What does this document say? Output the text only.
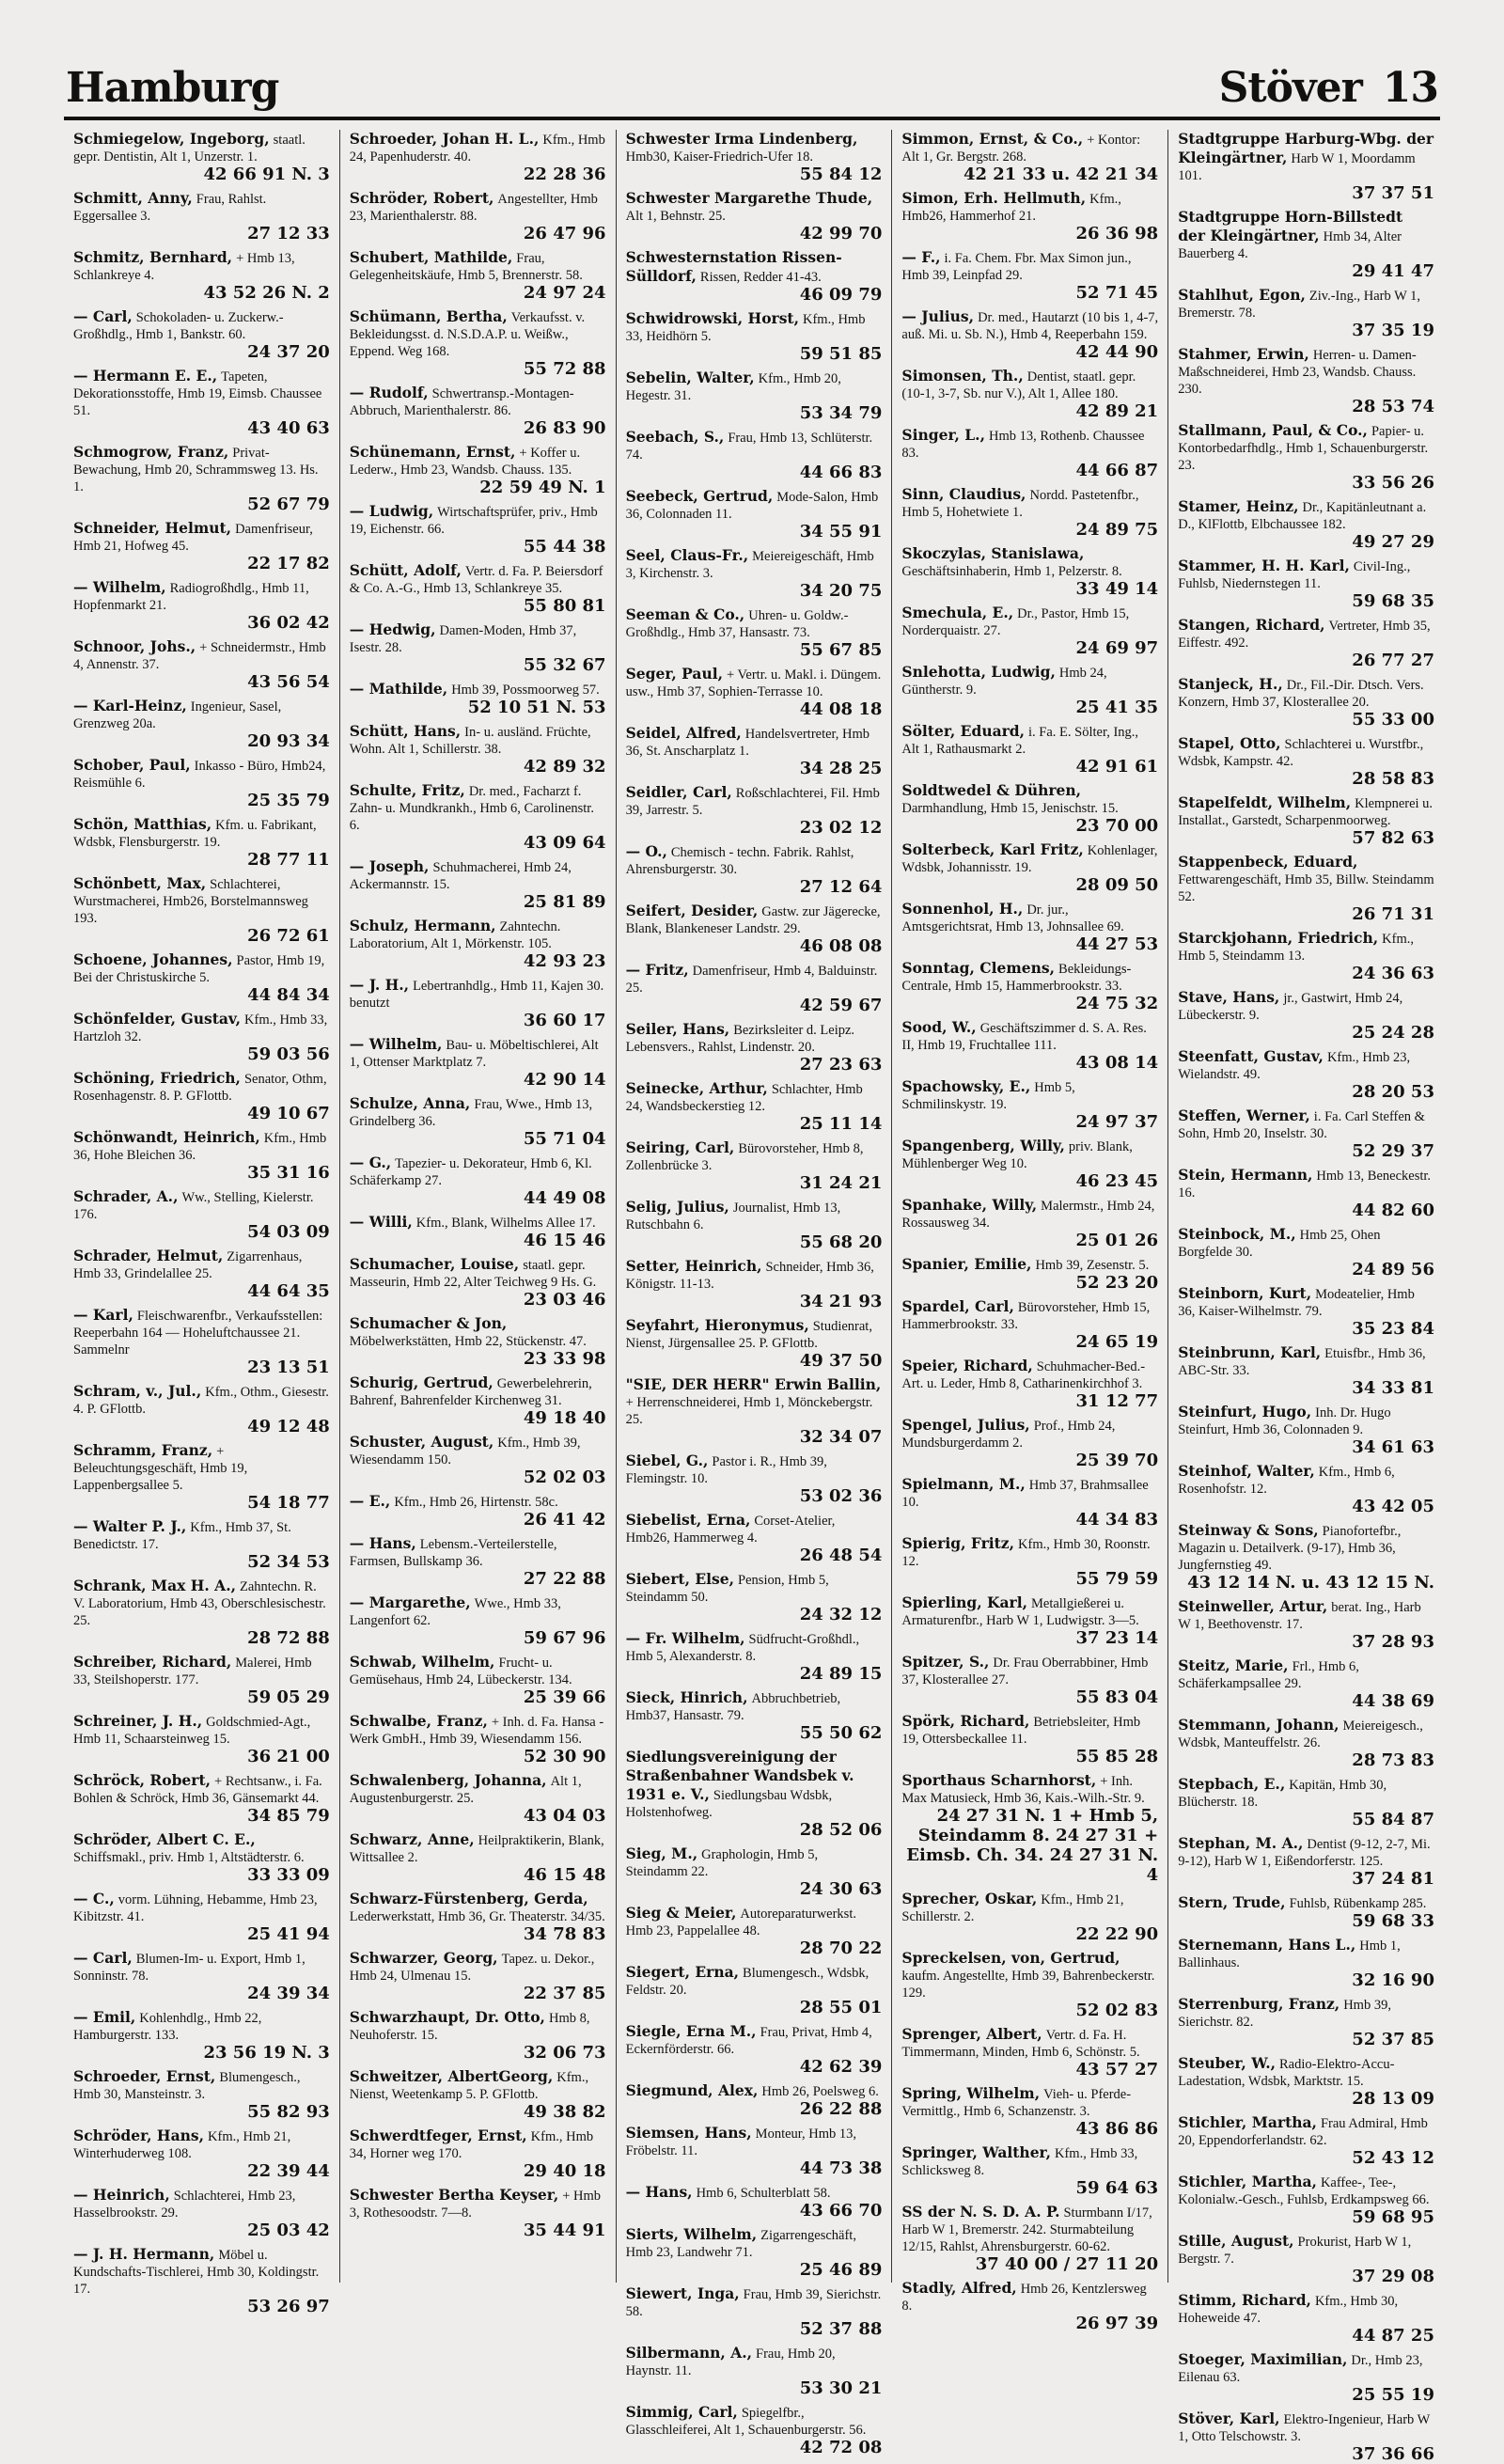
Hamburg	Stöver 13
Schmiegelow, Ingeborg, staatl. gepr. Dentistin, Alt 1, Unzerstr. 1.
42 66 91 N. 3
Schmitt, Anny, Frau, Rahlst. Eggersallee 3.
27 12 33
Schmitz, Bernhard, + Hmb 13, Schlankreye 4.
43 52 26 N. 2
— Carl, Schokoladen- u. Zuckerw.-Großhdlg., Hmb 1, Bankstr. 60.
24 37 20
— Hermann E. E., Tapeten, Dekorationsstoffe, Hmb 19, Eimsb. Chaussee 51.
43 40 63
Schmogrow, Franz, Privat-Bewachung, Hmb 20, Schrammsweg 13. Hs. 1.
52 67 79
Schneider, Helmut, Damenfriseur, Hmb 21, Hofweg 45.
22 17 82
— Wilhelm, Radiogroßhdlg., Hmb 11, Hopfenmarkt 21.
36 02 42
Schnoor, Johs., + Schneidermstr., Hmb 4, Annenstr. 37.
43 56 54
— Karl-Heinz, Ingenieur, Sasel, Grenzweg 20a.
20 93 34
Schober, Paul, Inkasso - Büro, Hmb24, Reismühle 6.
25 35 79
Schön, Matthias, Kfm. u. Fabrikant, Wdsbk, Flensburgerstr. 19.
28 77 11
Schönbett, Max, Schlachterei, Wurstmacherei, Hmb26, Borstelmannsweg 193.
26 72 61
Schoene, Johannes, Pastor, Hmb 19, Bei der Christuskirche 5.
44 84 34
Schönfelder, Gustav, Kfm., Hmb 33, Hartzloh 32.
59 03 56
Schöning, Friedrich, Senator, Othm, Rosenhagenstr. 8. P. GFlottb.
49 10 67
Schönwandt, Heinrich, Kfm., Hmb 36, Hohe Bleichen 36.
35 31 16
Schrader, A., Ww., Stelling, Kielerstr. 176.
54 03 09
Schrader, Helmut, Zigarrenhaus, Hmb 33, Grindelallee 25.
44 64 35
— Karl, Fleischwarenfbr., Verkaufsstellen: Reeperbahn 164 — Hoheluftchaussee 21. Sammelnr
23 13 51
Schram, v., Jul., Kfm., Othm., Giesestr. 4. P. GFlottb.
49 12 48
Schramm, Franz, + Beleuchtungsgeschäft, Hmb 19, Lappenbergsallee 5.
54 18 77
— Walter P. J., Kfm., Hmb 37, St. Benedictstr. 17.
52 34 53
Schrank, Max H. A., Zahntechn. R. V. Laboratorium, Hmb 43, Oberschlesischestr. 25.
28 72 88
Schreiber, Richard, Malerei, Hmb 33, Steilshoperstr. 177.
59 05 29
Schreiner, J. H., Goldschmied-Agt., Hmb 11, Schaarsteinweg 15.
36 21 00
Schröck, Robert, + Rechtsanw., i. Fa. Bohlen & Schröck, Hmb 36, Gänsemarkt 44.
34 85 79
Schröder, Albert C. E., Schiffsmakl., priv. Hmb 1, Altstädterstr. 6.
33 33 09
— C., vorm. Lühning, Hebamme, Hmb 23, Kibitzstr. 41.
25 41 94
— Carl, Blumen-Im- u. Export, Hmb 1, Sonninstr. 78.
24 39 34
— Emil, Kohlenhdlg., Hmb 22, Hamburgerstr. 133.
23 56 19 N. 3
Schroeder, Ernst, Blumengesch., Hmb 30, Mansteinstr. 3.
55 82 93
Schröder, Hans, Kfm., Hmb 21, Winterhuderweg 108.
22 39 44
— Heinrich, Schlachterei, Hmb 23, Hasselbrookstr. 29.
25 03 42
— J. H. Hermann, Möbel u. Kundschafts-Tischlerei, Hmb 30, Koldingstr. 17.
53 26 97
Schroeder, Johan H. L., Kfm., Hmb 24, Papenhuderstr. 40.
22 28 36
Schröder, Robert, Angestellter, Hmb 23, Marienthalerstr. 88.
26 47 96
Schubert, Mathilde, Frau, Gelegenheitskäufe, Hmb 5, Brennerstr. 58.
24 97 24
Schümann, Bertha, Verkaufsst. v. Bekleidungsst. d. N.S.D.A.P. u. Weißw., Eppend. Weg 168.
55 72 88
— Rudolf, Schwertransp.-Montagen-Abbruch, Marienthalerstr. 86.
26 83 90
Schünemann, Ernst, + Koffer u. Lederw., Hmb 23, Wandsb. Chauss. 135.
22 59 49 N. 1
— Ludwig, Wirtschaftsprüfer, priv., Hmb 19, Eichenstr. 66.
55 44 38
Schütt, Adolf, Vertr. d. Fa. P. Beiersdorf & Co. A.-G., Hmb 13, Schlankreye 35.
55 80 81
— Hedwig, Damen-Moden, Hmb 37, Isestr. 28.
55 32 67
— Mathilde, Hmb 39, Possmoorweg 57.
52 10 51 N. 53
Schütt, Hans, In- u. ausländ. Früchte, Wohn. Alt 1, Schillerstr. 38.
42 89 32
Schulte, Fritz, Dr. med., Facharzt f. Zahn- u. Mundkrankh., Hmb 6, Carolinenstr. 6.
43 09 64
— Joseph, Schuhmacherei, Hmb 24, Ackermannstr. 15.
25 81 89
Schulz, Hermann, Zahntechn. Laboratorium, Alt 1, Mörkenstr. 105.
42 93 23
— J. H., Lebertranhdlg., Hmb 11, Kajen 30. benutzt
36 60 17
— Wilhelm, Bau- u. Möbeltischlerei, Alt 1, Ottenser Marktplatz 7.
42 90 14
Schulze, Anna, Frau, Wwe., Hmb 13, Grindelberg 36.
55 71 04
— G., Tapezier- u. Dekorateur, Hmb 6, Kl. Schäferkamp 27.
44 49 08
— Willi, Kfm., Blank, Wilhelms Allee 17.
46 15 46
Schumacher, Louise, staatl. gepr. Masseurin, Hmb 22, Alter Teichweg 9 Hs. G.
23 03 46
Schumacher & Jon, Möbelwerkstätten, Hmb 22, Stückenstr. 47.
23 33 98
Schurig, Gertrud, Gewerbelehrerin, Bahrenf, Bahrenfelder Kirchenweg 31.
49 18 40
Schuster, August, Kfm., Hmb 39, Wiesendamm 150.
52 02 03
— E., Kfm., Hmb 26, Hirtenstr. 58c.
26 41 42
— Hans, Lebensm.-Verteilerstelle, Farmsen, Bullskamp 36.
27 22 88
— Margarethe, Wwe., Hmb 33, Langenfort 62.
59 67 96
Schwab, Wilhelm, Frucht- u. Gemüsehaus, Hmb 24, Lübeckerstr. 134.
25 39 66
Schwalbe, Franz, + Inh. d. Fa. Hansa - Werk GmbH., Hmb 39, Wiesendamm 156.
52 30 90
Schwalenberg, Johanna, Alt 1, Augustenburgerstr. 25.
43 04 03
Schwarz, Anne, Heilpraktikerin, Blank, Wittsallee 2.
46 15 48
Schwarz-Fürstenberg, Gerda, Lederwerkstatt, Hmb 36, Gr. Theaterstr. 34/35.
34 78 83
Schwarzer, Georg, Tapez. u. Dekor., Hmb 24, Ulmenau 15.
22 37 85
Schwarzhaupt, Dr. Otto, Hmb 8, Neuhoferstr. 15.
32 06 73
Schweitzer, AlbertGeorg, Kfm., Nienst, Weetenkamp 5. P. GFlottb.
49 38 82
Schwerdtfeger, Ernst, Kfm., Hmb 34, Horner weg 170.
29 40 18
Schwester Bertha Keyser, + Hmb 3, Rothesoodstr. 7—8.
35 44 91
Schwester Irma Lindenberg, Hmb30, Kaiser-Friedrich-Ufer 18.
55 84 12
Schwester Margarethe Thude, Alt 1, Behnstr. 25.
42 99 70
Schwesternstation Rissen-Sülldorf, Rissen, Redder 41-43.
46 09 79
Schwidrowski, Horst, Kfm., Hmb 33, Heidhörn 5.
59 51 85
Sebelin, Walter, Kfm., Hmb 20, Hegestr. 31.
53 34 79
Seebach, S., Frau, Hmb 13, Schlüterstr. 74.
44 66 83
Seebeck, Gertrud, Mode-Salon, Hmb 36, Colonnaden 11.
34 55 91
Seel, Claus-Fr., Meiereigeschäft, Hmb 3, Kirchenstr. 3.
34 20 75
Seeman & Co., Uhren- u. Goldw.-Großhdlg., Hmb 37, Hansastr. 73.
55 67 85
Seger, Paul, + Vertr. u. Makl. i. Düngem. usw., Hmb 37, Sophien-Terrasse 10.
44 08 18
Seidel, Alfred, Handelsvertreter, Hmb 36, St. Anscharplatz 1.
34 28 25
Seidler, Carl, Roßschlachterei, Fil. Hmb 39, Jarrestr. 5.
23 02 12
— O., Chemisch - techn. Fabrik. Rahlst, Ahrensburgerstr. 30.
27 12 64
Seifert, Desider, Gastw. zur Jägerecke, Blank, Blankeneser Landstr. 29.
46 08 08
— Fritz, Damenfriseur, Hmb 4, Balduinstr. 25.
42 59 67
Seiler, Hans, Bezirksleiter d. Leipz. Lebensvers., Rahlst, Lindenstr. 20.
27 23 63
Seinecke, Arthur, Schlachter, Hmb 24, Wandsbeckerstieg 12.
25 11 14
Seiring, Carl, Bürovorsteher, Hmb 8, Zollenbrücke 3.
31 24 21
Selig, Julius, Journalist, Hmb 13, Rutschbahn 6.
55 68 20
Setter, Heinrich, Schneider, Hmb 36, Königstr. 11-13.
34 21 93
Seyfahrt, Hieronymus, Studienrat, Nienst, Jürgensallee 25. P. GFlottb.
49 37 50
"SIE, DER HERR" Erwin Ballin, + Herrenschneiderei, Hmb 1, Mönckebergstr. 25.
32 34 07
Siebel, G., Pastor i. R., Hmb 39, Flemingstr. 10.
53 02 36
Siebelist, Erna, Corset-Atelier, Hmb26, Hammerweg 4.
26 48 54
Siebert, Else, Pension, Hmb 5, Steindamm 50.
24 32 12
— Fr. Wilhelm, Südfrucht-Großhdl., Hmb 5, Alexanderstr. 8.
24 89 15
Sieck, Hinrich, Abbruchbetrieb, Hmb37, Hansastr. 79.
55 50 62
Siedlungsvereinigung der Straßenbahner Wandsbek v. 1931 e. V., Siedlungsbau Wdsbk, Holstenhofweg.
28 52 06
Sieg, M., Graphologin, Hmb 5, Steindamm 22.
24 30 63
Sieg & Meier, Autoreparaturwerkst. Hmb 23, Pappelallee 48.
28 70 22
Siegert, Erna, Blumengesch., Wdsbk, Feldstr. 20.
28 55 01
Siegle, Erna M., Frau, Privat, Hmb 4, Eckernförderstr. 66.
42 62 39
Siegmund, Alex, Hmb 26, Poelsweg 6.
26 22 88
Siemsen, Hans, Monteur, Hmb 13, Fröbelstr. 11.
44 73 38
— Hans, Hmb 6, Schulterblatt 58.
43 66 70
Sierts, Wilhelm, Zigarrengeschäft, Hmb 23, Landwehr 71.
25 46 89
Siewert, Inga, Frau, Hmb 39, Sierichstr. 58.
52 37 88
Silbermann, A., Frau, Hmb 20, Haynstr. 11.
53 30 21
Simmig, Carl, Spiegelfbr., Glasschleiferei, Alt 1, Schauenburgerstr. 56.
42 72 08
Simmon, Ernst, & Co., + Kontor: Alt 1, Gr. Bergstr. 268.
42 21 33 u. 42 21 34
Simon, Erh. Hellmuth, Kfm., Hmb26, Hammerhof 21.
26 36 98
— F., i. Fa. Chem. Fbr. Max Simon jun., Hmb 39, Leinpfad 29.
52 71 45
— Julius, Dr. med., Hautarzt (10 bis 1, 4-7, auß. Mi. u. Sb. N.), Hmb 4, Reeperbahn 159.
42 44 90
Simonsen, Th., Dentist, staatl. gepr. (10-1, 3-7, Sb. nur V.), Alt 1, Allee 180.
42 89 21
Singer, L., Hmb 13, Rothenb. Chaussee 83.
44 66 87
Sinn, Claudius, Nordd. Pastetenfbr., Hmb 5, Hohetwiete 1.
24 89 75
Skoczylas, Stanislawa, Geschäftsinhaberin, Hmb 1, Pelzerstr. 8.
33 49 14
Smechula, E., Dr., Pastor, Hmb 15, Norderquaistr. 27.
24 69 97
Snlehotta, Ludwig, Hmb 24, Güntherstr. 9.
25 41 35
Sölter, Eduard, i. Fa. E. Sölter, Ing., Alt 1, Rathausmarkt 2.
42 91 61
Soldtwedel & Dühren, Darmhandlung, Hmb 15, Jenischstr. 15.
23 70 00
Solterbeck, Karl Fritz, Kohlenlager, Wdsbk, Johannisstr. 19.
28 09 50
Sonnenhol, H., Dr. jur., Amtsgerichtsrat, Hmb 13, Johnsallee 69.
44 27 53
Sonntag, Clemens, Bekleidungs-Centrale, Hmb 15, Hammerbrookstr. 33.
24 75 32
Sood, W., Geschäftszimmer d. S. A. Res. II, Hmb 19, Fruchtallee 111.
43 08 14
Spachowsky, E., Hmb 5, Schmilinskystr. 19.
24 97 37
Spangenberg, Willy, priv. Blank, Mühlenberger Weg 10.
46 23 45
Spanhake, Willy, Malermstr., Hmb 24, Rossausweg 34.
25 01 26
Spanier, Emilie, Hmb 39, Zesenstr. 5.
52 23 20
Spardel, Carl, Bürovorsteher, Hmb 15, Hammerbrookstr. 33.
24 65 19
Speier, Richard, Schuhmacher-Bed.-Art. u. Leder, Hmb 8, Catharinenkirchhof 3.
31 12 77
Spengel, Julius, Prof., Hmb 24, Mundsburgerdamm 2.
25 39 70
Spielmann, M., Hmb 37, Brahmsallee 10.
44 34 83
Spierig, Fritz, Kfm., Hmb 30, Roonstr. 12.
55 79 59
Spierling, Karl, Metallgießerei u. Armaturenfbr., Harb W 1, Ludwigstr. 3—5.
37 23 14
Spitzer, S., Dr. Frau Oberrabbiner, Hmb 37, Klosterallee 27.
55 83 04
Spörk, Richard, Betriebsleiter, Hmb 19, Ottersbeckallee 11.
55 85 28
Sporthaus Scharnhorst, + Inh. Max Matusieck, Hmb 36, Kais.-Wilh.-Str. 9.
24 27 31 N. 1 + Hmb 5, Steindamm 8. 24 27 31 + Eimsb. Ch. 34. 24 27 31 N. 4
Sprecher, Oskar, Kfm., Hmb 21, Schillerstr. 2.
22 22 90
Spreckelsen, von, Gertrud, kaufm. Angestellte, Hmb 39, Bahrenbeckerstr. 129.
52 02 83
Sprenger, Albert, Vertr. d. Fa. H. Timmermann, Minden, Hmb 6, Schönstr. 5.
43 57 27
Spring, Wilhelm, Vieh- u. Pferde-Vermittlg., Hmb 6, Schanzenstr. 3.
43 86 86
Springer, Walther, Kfm., Hmb 33, Schlicksweg 8.
59 64 63
SS der N. S. D. A. P. Sturmbann I/17, Harb W 1, Bremerstr. 242. Sturmabteilung 12/15, Rahlst, Ahrensburgerstr. 60-62.
37 40 00 / 27 11 20
Stadly, Alfred, Hmb 26, Kentzlersweg 8.
26 97 39
Stadtgruppe Harburg-Wbg. der Kleingärtner, Harb W 1, Moordamm 101.
37 37 51
Stadtgruppe Horn-Billstedt der Kleingärtner, Hmb 34, Alter Bauerberg 4.
29 41 47
Stahlhut, Egon, Ziv.-Ing., Harb W 1, Bremerstr. 78.
37 35 19
Stahmer, Erwin, Herren- u. Damen-Maßschneiderei, Hmb 23, Wandsb. Chauss. 230.
28 53 74
Stallmann, Paul, & Co., Papier- u. Kontorbedarfhdlg., Hmb 1, Schauenburgerstr. 23.
33 56 26
Stamer, Heinz, Dr., Kapitänleutnant a. D., KlFlottb, Elbchaussee 182.
49 27 29
Stammer, H. H. Karl, Civil-Ing., Fuhlsb, Niedernstegen 11.
59 68 35
Stangen, Richard, Vertreter, Hmb 35, Eiffestr. 492.
26 77 27
Stanjeck, H., Dr., Fil.-Dir. Dtsch. Vers. Konzern, Hmb 37, Klosterallee 20.
55 33 00
Stapel, Otto, Schlachterei u. Wurstfbr., Wdsbk, Kampstr. 42.
28 58 83
Stapelfeldt, Wilhelm, Klempnerei u. Installat., Garstedt, Scharpenmoorweg.
57 82 63
Stappenbeck, Eduard, Fettwarengeschäft, Hmb 35, Billw. Steindamm 52.
26 71 31
Starckjohann, Friedrich, Kfm., Hmb 5, Steindamm 13.
24 36 63
Stave, Hans, jr., Gastwirt, Hmb 24, Lübeckerstr. 9.
25 24 28
Steenfatt, Gustav, Kfm., Hmb 23, Wielandstr. 49.
28 20 53
Steffen, Werner, i. Fa. Carl Steffen & Sohn, Hmb 20, Inselstr. 30.
52 29 37
Stein, Hermann, Hmb 13, Beneckestr. 16.
44 82 60
Steinbock, M., Hmb 25, Ohen Borgfelde 30.
24 89 56
Steinborn, Kurt, Modeatelier, Hmb 36, Kaiser-Wilhelmstr. 79.
35 23 84
Steinbrunn, Karl, Etuisfbr., Hmb 36, ABC-Str. 33.
34 33 81
Steinfurt, Hugo, Inh. Dr. Hugo Steinfurt, Hmb 36, Colonnaden 9.
34 61 63
Steinhof, Walter, Kfm., Hmb 6, Rosenhofstr. 12.
43 42 05
Steinway & Sons, Pianofortefbr., Magazin u. Detailverk. (9-17), Hmb 36, Jungfernstieg 49.
43 12 14 N. u. 43 12 15 N.
Steinweller, Artur, berat. Ing., Harb W 1, Beethovenstr. 17.
37 28 93
Steitz, Marie, Frl., Hmb 6, Schäferkampsallee 29.
44 38 69
Stemmann, Johann, Meiereigesch., Wdsbk, Manteuffelstr. 26.
28 73 83
Stepbach, E., Kapitän, Hmb 30, Blücherstr. 18.
55 84 87
Stephan, M. A., Dentist (9-12, 2-7, Mi. 9-12), Harb W 1, Eißendorferstr. 125.
37 24 81
Stern, Trude, Fuhlsb, Rübenkamp 285.
59 68 33
Sternemann, Hans L., Hmb 1, Ballinhaus.
32 16 90
Sterrenburg, Franz, Hmb 39, Sierichstr. 82.
52 37 85
Steuber, W., Radio-Elektro-Accu-Ladestation, Wdsbk, Marktstr. 15.
28 13 09
Stichler, Martha, Frau Admiral, Hmb 20, Eppendorferlandstr. 62.
52 43 12
Stichler, Martha, Kaffee-, Tee-, Kolonialw.-Gesch., Fuhlsb, Erdkampsweg 66.
59 68 95
Stille, August, Prokurist, Harb W 1, Bergstr. 7.
37 29 08
Stimm, Richard, Kfm., Hmb 30, Hoheweide 47.
44 87 25
Stoeger, Maximilian, Dr., Hmb 23, Eilenau 63.
25 55 19
Stöver, Karl, Elektro-Ingenieur, Harb W 1, Otto Telschowstr. 3.
37 36 66
